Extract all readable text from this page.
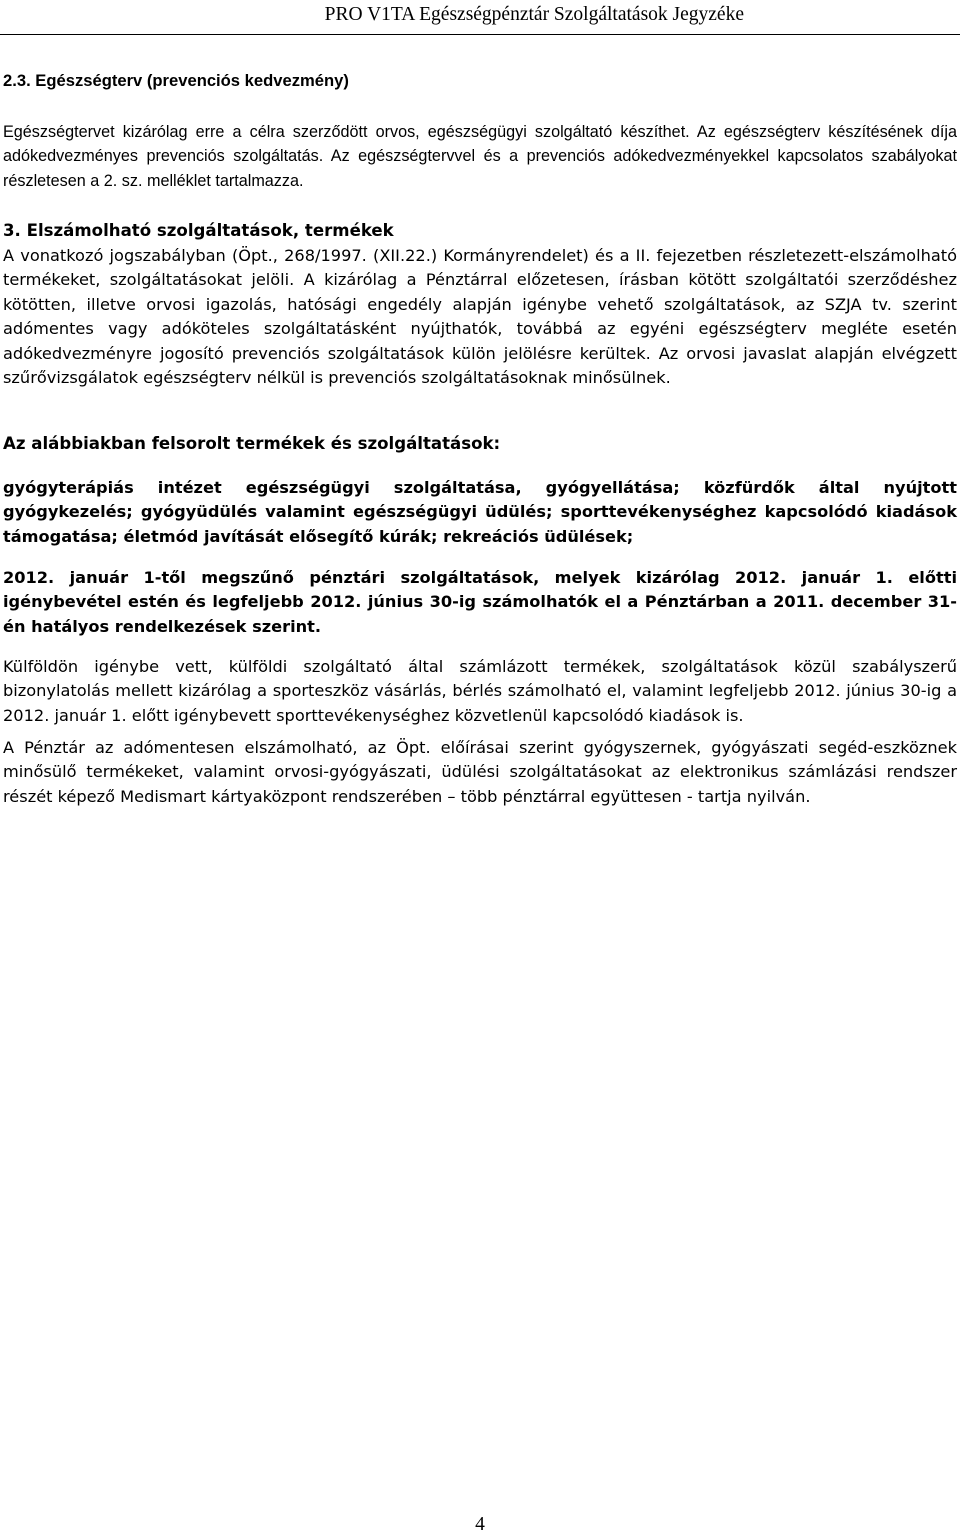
PRO V1TA Egészségpénztár Szolgáltatások Jegyzéke
2.3. Egészségterv (prevenciós kedvezmény)
Egészségtervet kizárólag erre a célra szerződött orvos, egészségügyi szolgáltató készíthet. Az egészségterv készítésének díja adókedvezményes prevenciós szolgáltatás. Az egészségtervvel és a prevenciós adókedvezményekkel kapcsolatos szabályokat részletesen a 2. sz. melléklet tartalmazza.
3. Elszámolható szolgáltatások, termékek
A vonatkozó jogszabályban (Öpt., 268/1997. (XII.22.) Kormányrendelet) és a II. fejezetben részletezett-elszámolható termékeket, szolgáltatásokat jelöli. A kizárólag a Pénztárral előzetesen, írásban kötött szolgáltatói szerződéshez kötötten, illetve orvosi igazolás, hatósági engedély alapján igénybe vehető szolgáltatások, az SZJA tv. szerint adómentes vagy adóköteles szolgáltatásként nyújthatók, továbbá az egyéni egészségterv megléte esetén adókedvezményre jogosító prevenciós szolgáltatások külön jelölésre kerültek. Az orvosi javaslat alapján elvégzett szűrővizsgálatok egészségterv nélkül is prevenciós szolgáltatásoknak minősülnek.
Az alábbiakban felsorolt termékek és szolgáltatások:
gyógyterápiás intézet egészségügyi szolgáltatása, gyógyellátása; közfürdők által nyújtott gyógykezelés; gyógyüdülés valamint egészségügyi üdülés; sporttevékenységhez kapcsolódó kiadások támogatása; életmód javítását elősegítő kúrák; rekreációs üdülések;
2012. január 1-től megszűnő pénztári szolgáltatások, melyek kizárólag 2012. január 1. előtti igénybevétel estén és legfeljebb 2012. június 30-ig számolhatók el a Pénztárban a 2011. december 31-én hatályos rendelkezések szerint.
Külföldön igénybe vett, külföldi szolgáltató által számlázott termékek, szolgáltatások közül szabályszerű bizonylatolás mellett kizárólag a sporteszköz vásárlás, bérlés számolható el, valamint legfeljebb 2012. június 30-ig a 2012. január 1. előtt igénybevett sporttevékenységhez közvetlenül kapcsolódó kiadások is.
A Pénztár az adómentesen elszámolható, az Öpt. előírásai szerint gyógyszernek, gyógyászati segéd-eszköznek minősülő termékeket, valamint orvosi-gyógyászati, üdülési szolgáltatásokat az elektronikus számlázási rendszer részét képező Medismart kártyaközpont rendszerében – több pénztárral együttesen - tartja nyilván.
4
